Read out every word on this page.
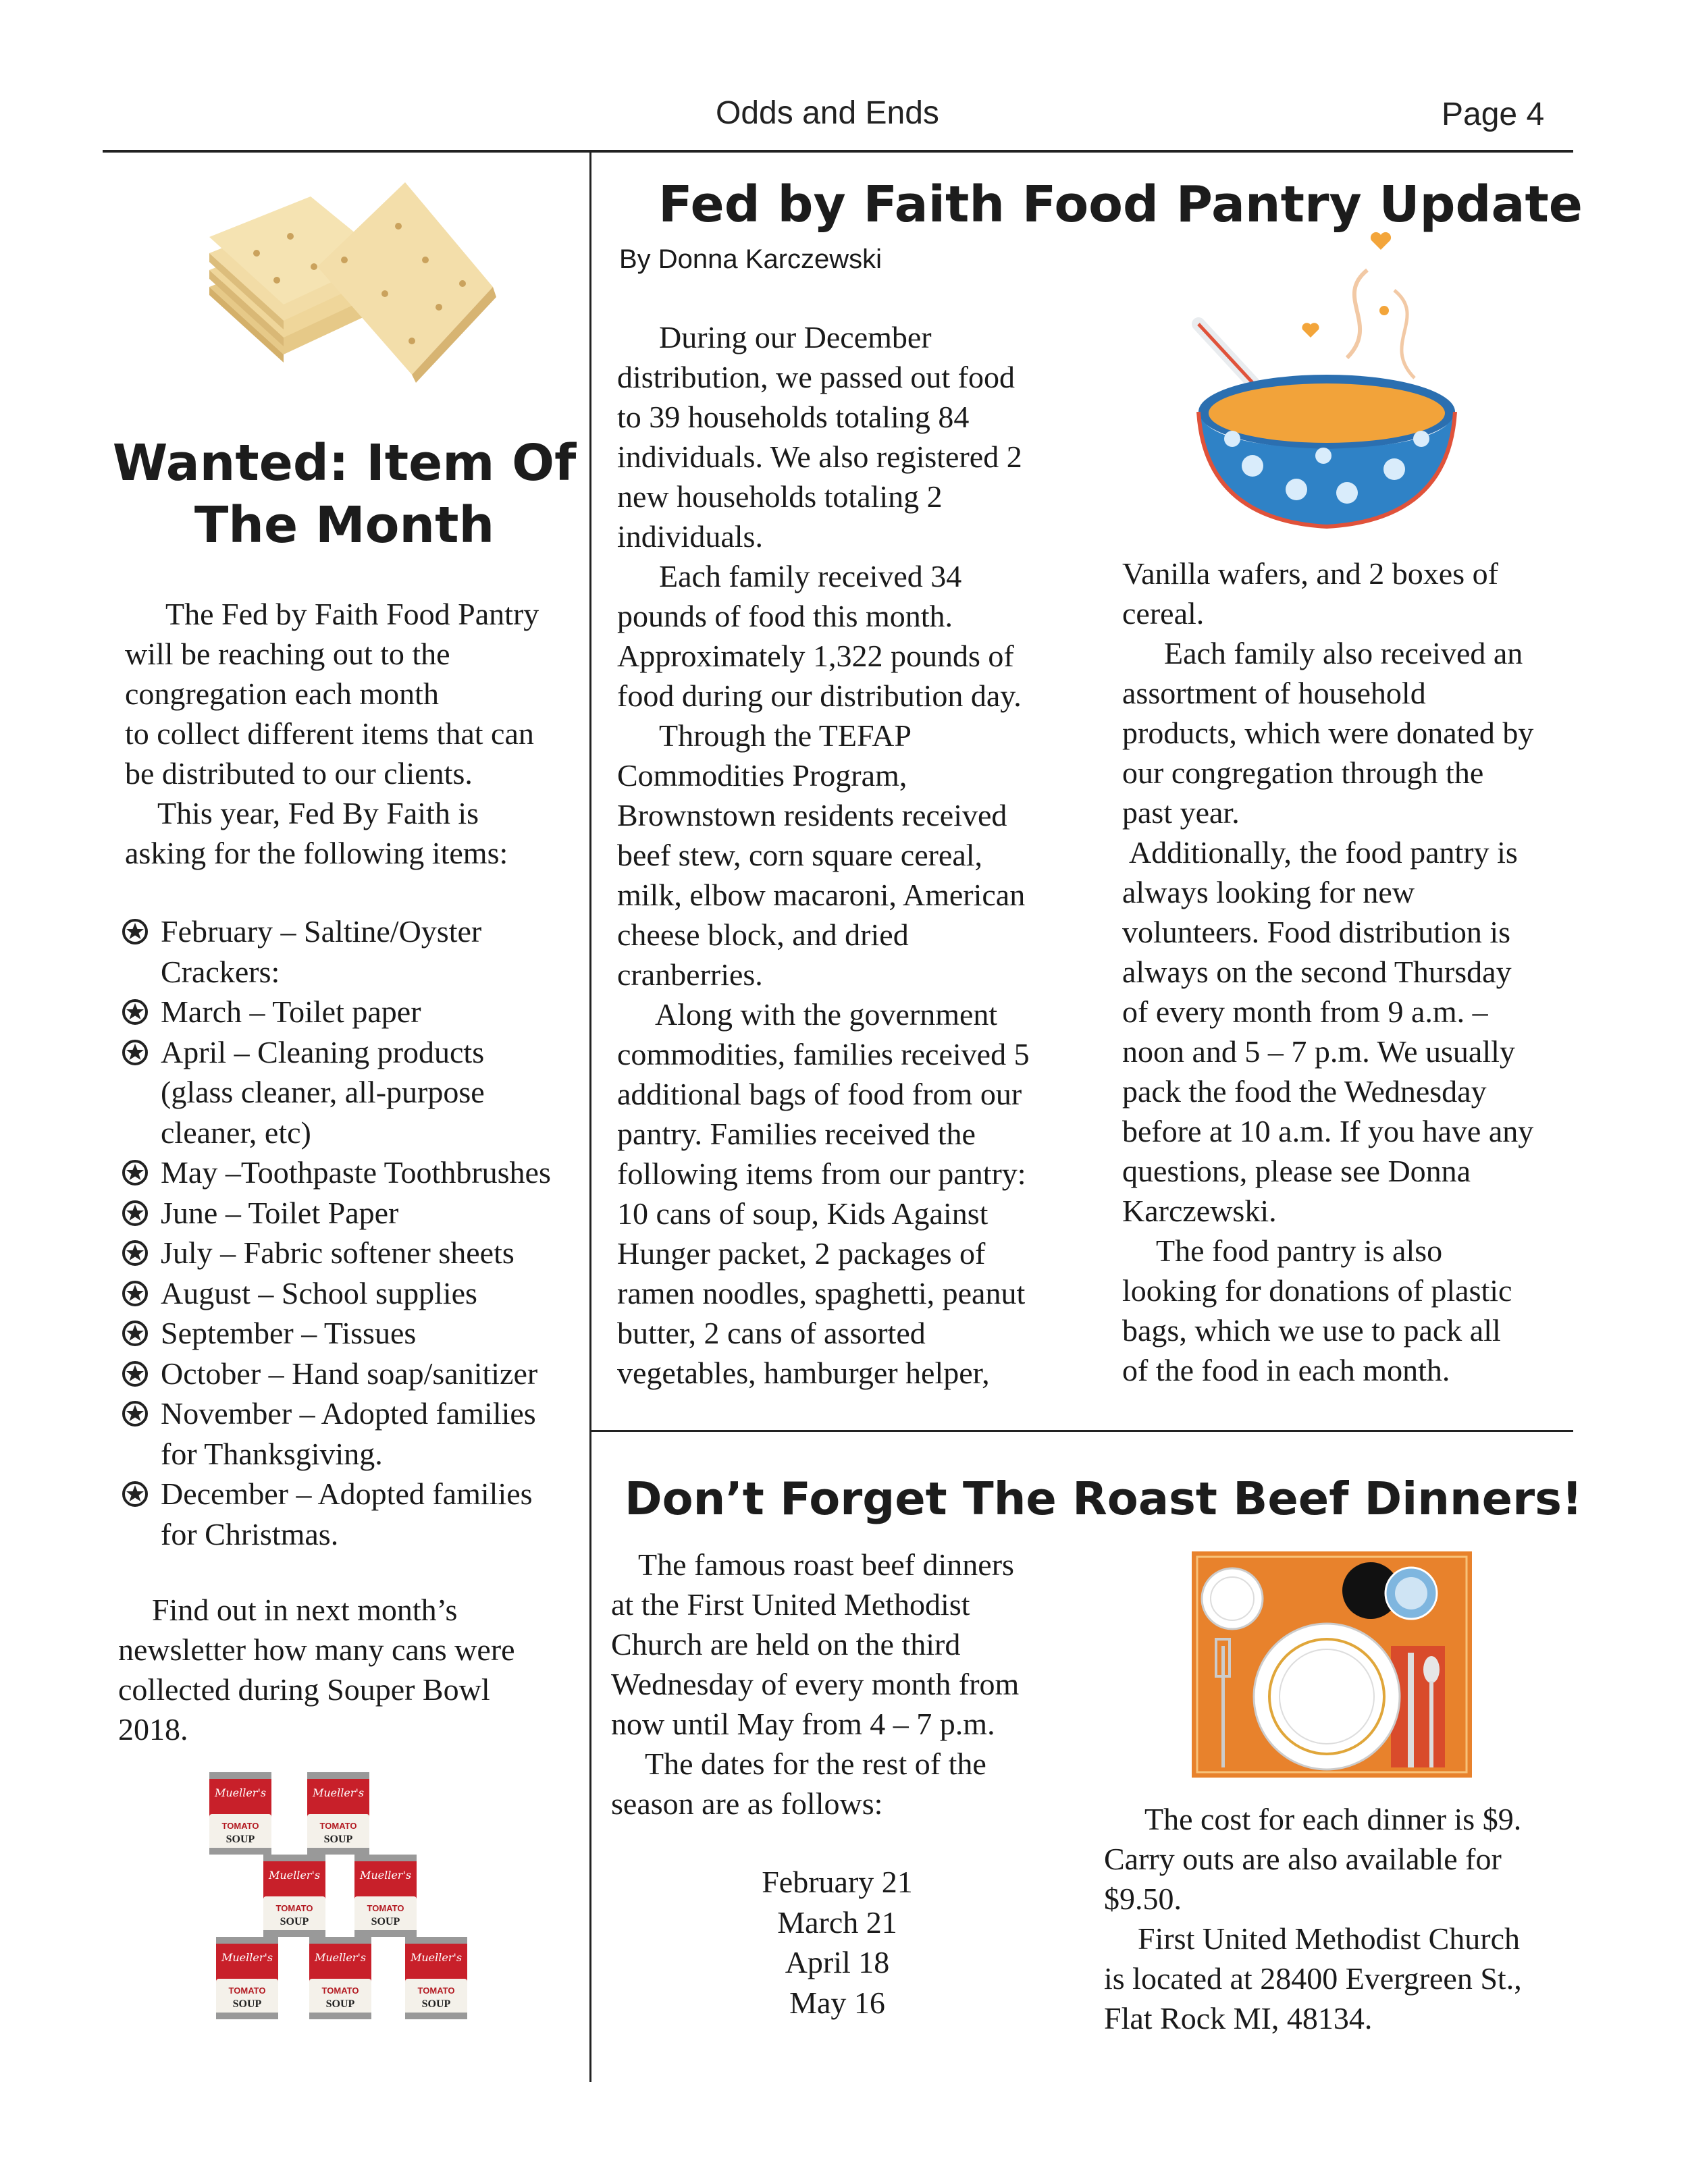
Odds and Ends	Page 4
Wanted: Item Of
The Month
The Fed by Faith Food Pantry
will be reaching out to the
congregation each month
to collect different items that can
be distributed to our clients.
This year, Fed By Faith is
asking for the following items:
February – Saltine/Oyster
Crackers:
March – Toilet paper
April – Cleaning products
(glass cleaner, all-purpose
cleaner, etc)
May –Toothpaste Toothbrushes
June – Toilet Paper
July – Fabric softener sheets
August – School supplies
September – Tissues
October – Hand soap/sanitizer
November – Adopted families
for Thanksgiving.
December – Adopted families
for Christmas.
Find out in next month’s
newsletter how many cans were
collected during Souper Bowl
2018.
Mueller's
TOMATO
SOUP
Fed by Faith Food Pantry Update
By Donna Karczewski
During our December
distribution, we passed out food
to 39 households totaling 84
individuals. We also registered 2
new households totaling 2
individuals.
Each family received 34
pounds of food this month.
Approximately 1,322 pounds of
food during our distribution day.
Through the TEFAP
Commodities Program,
Brownstown residents received
beef stew, corn square cereal,
milk, elbow macaroni, American
cheese block, and dried
cranberries.
Along with the government
commodities, families received 5
additional bags of food from our
pantry. Families received the
following items from our pantry:
10 cans of soup, Kids Against
Hunger packet, 2 packages of
ramen noodles, spaghetti, peanut
butter, 2 cans of assorted
vegetables, hamburger helper,
Vanilla wafers, and 2 boxes of
cereal.
Each family also received an
assortment of household
products, which were donated by
our congregation through the
past year.
Additionally, the food pantry is
always looking for new
volunteers. Food distribution is
always on the second Thursday
of every month from 9 a.m. –
noon and 5 – 7 p.m. We usually
pack the food the Wednesday
before at 10 a.m. If you have any
questions, please see Donna
Karczewski.
The food pantry is also
looking for donations of plastic
bags, which we use to pack all
of the food in each month.
Don’t Forget The Roast Beef Dinners!
The famous roast beef dinners
at the First United Methodist
Church are held on the third
Wednesday of every month from
now until May from 4 – 7 p.m.
The dates for the rest of the
season are as follows:
February 21
March 21
April 18
May 16
The cost for each dinner is $9.
Carry outs are also available for
$9.50.
First United Methodist Church
is located at 28400 Evergreen St.,
Flat Rock MI, 48134.
